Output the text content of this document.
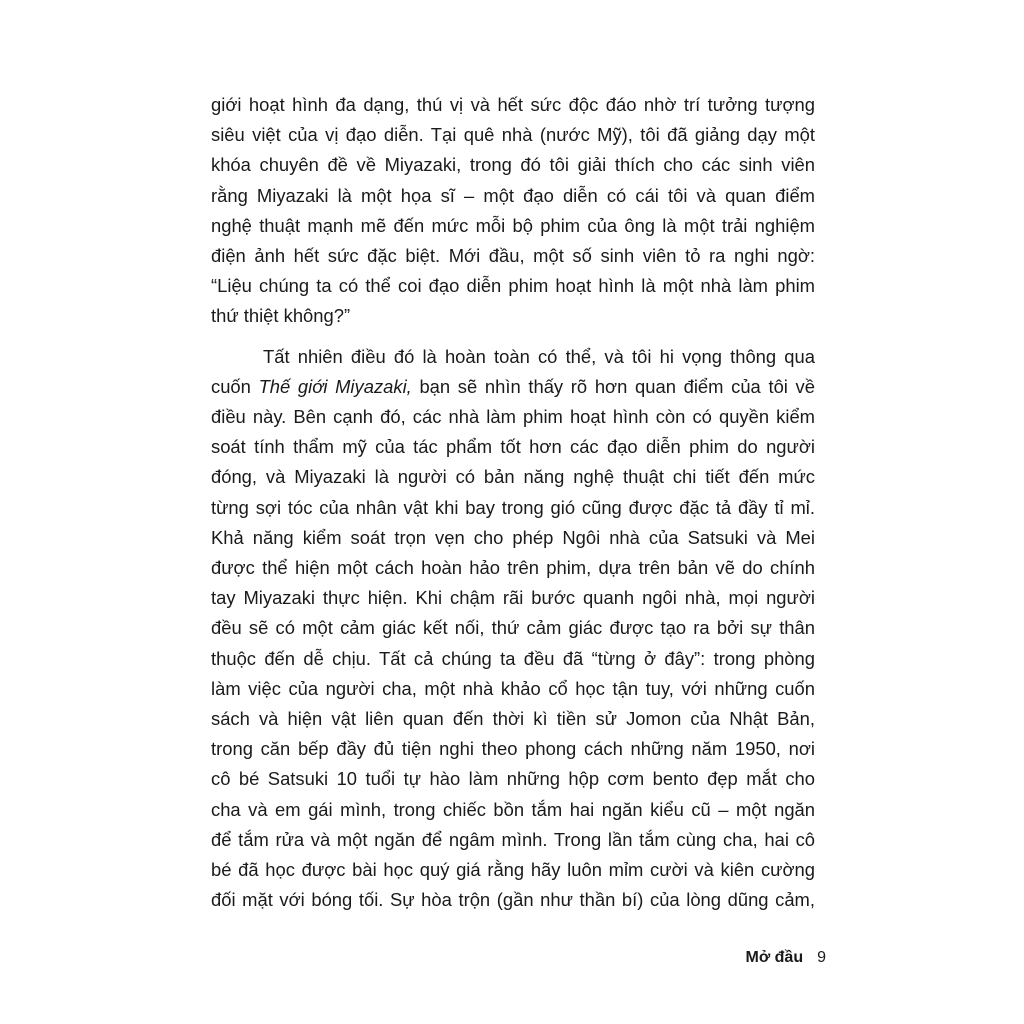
giới hoạt hình đa dạng, thú vị và hết sức độc đáo nhờ trí tưởng tượng
siêu việt của vị đạo diễn. Tại quê nhà (nước Mỹ), tôi đã giảng dạy một
khóa chuyên đề về Miyazaki, trong đó tôi giải thích cho các sinh viên
rằng Miyazaki là một họa sĩ – một đạo diễn có cái tôi và quan điểm
nghệ thuật mạnh mẽ đến mức mỗi bộ phim của ông là một trải nghiệm
điện ảnh hết sức đặc biệt. Mới đầu, một số sinh viên tỏ ra nghi ngờ:
“Liệu chúng ta có thể coi đạo diễn phim hoạt hình là một nhà làm phim
thứ thiệt không?”

Tất nhiên điều đó là hoàn toàn có thể, và tôi hi vọng thông qua
cuốn Thế giới Miyazaki, bạn sẽ nhìn thấy rõ hơn quan điểm của tôi về
điều này. Bên cạnh đó, các nhà làm phim hoạt hình còn có quyền kiểm
soát tính thẩm mỹ của tác phẩm tốt hơn các đạo diễn phim do người
đóng, và Miyazaki là người có bản năng nghệ thuật chi tiết đến mức
từng sợi tóc của nhân vật khi bay trong gió cũng được đặc tả đầy tỉ mỉ.
Khả năng kiểm soát trọn vẹn cho phép Ngôi nhà của Satsuki và Mei
được thể hiện một cách hoàn hảo trên phim, dựa trên bản vẽ do chính
tay Miyazaki thực hiện. Khi chậm rãi bước quanh ngôi nhà, mọi người
đều sẽ có một cảm giác kết nối, thứ cảm giác được tạo ra bởi sự thân
thuộc đến dễ chịu. Tất cả chúng ta đều đã “từng ở đây”: trong phòng
làm việc của người cha, một nhà khảo cổ học tận tuy, với những cuốn
sách và hiện vật liên quan đến thời kì tiền sử Jomon của Nhật Bản,
trong căn bếp đầy đủ tiện nghi theo phong cách những năm 1950, nơi
cô bé Satsuki 10 tuổi tự hào làm những hộp cơm bento đẹp mắt cho
cha và em gái mình, trong chiếc bồn tắm hai ngăn kiểu cũ – một ngăn
để tắm rửa và một ngăn để ngâm mình. Trong lần tắm cùng cha, hai cô
bé đã học được bài học quý giá rằng hãy luôn mỉm cười và kiên cường
đối mặt với bóng tối. Sự hòa trộn (gần như thần bí) của lòng dũng cảm,

Mở đầu 9
